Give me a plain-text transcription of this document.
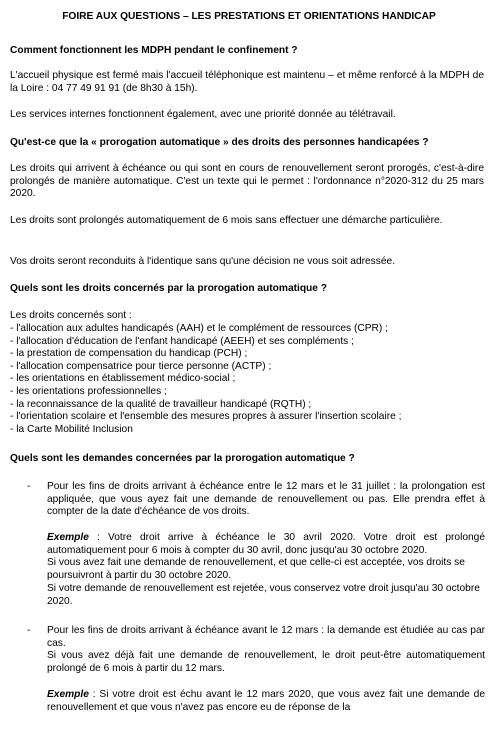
FOIRE AUX QUESTIONS – LES PRESTATIONS ET ORIENTATIONS HANDICAP

Comment fonctionnent les MDPH pendant le confinement ?

L'accueil physique est fermé mais l'accueil téléphonique est maintenu – et même renforcé à la MDPH de la Loire : 04 77 49 91 91 (de 8h30 à 15h).

Les services internes fonctionnent également, avec une priorité donnée au télétravail.

Qu'est-ce que la « prorogation automatique » des droits des personnes handicapées ?

Les droits qui arrivent à échéance ou qui sont en cours de renouvellement seront prorogés, c'est-à-dire prolongés de manière automatique. C'est un texte qui le permet : l'ordonnance n°2020-312 du 25 mars 2020.

Les droits sont prolongés automatiquement de 6 mois sans effectuer une démarche particulière.

Vos droits seront reconduits à l'identique sans qu'une décision ne vous soit adressée.

Quels sont les droits concernés par la prorogation automatique ?

Les droits concernés sont :

- l'allocation aux adultes handicapés (AAH) et le complément de ressources (CPR) ;
- l'allocation d'éducation de l'enfant handicapé (AEEH) et ses compléments ;
- la prestation de compensation du handicap (PCH) ;
- l'allocation compensatrice pour tierce personne (ACTP) ;
- les orientations en établissement médico-social ;
- les orientations professionnelles ;
- la reconnaissance de la qualité de travailleur handicapé (RQTH) ;
- l'orientation scolaire et l'ensemble des mesures propres à assurer l'insertion scolaire ;
- la Carte Mobilité Inclusion

Quels sont les demandes concernées par la prorogation automatique ?

- Pour les fins de droits arrivant à échéance entre le 12 mars et le 31 juillet : la prolongation est appliquée, que vous ayez fait une demande de renouvellement ou pas. Elle prendra effet à compter de la date d'échéance de vos droits.

Exemple : Votre droit arrive à échéance le 30 avril 2020. Votre droit est prolongé automatiquement pour 6 mois à compter du 30 avril, donc jusqu'au 30 octobre 2020.

Si vous avez fait une demande de renouvellement, et que celle-ci est acceptée, vos droits se poursuivront à partir du 30 octobre 2020.

Si votre demande de renouvellement est rejetée, vous conservez votre droit jusqu'au 30 octobre 2020.

- Pour les fins de droits arrivant à échéance avant le 12 mars : la demande est étudiée au cas par cas.

Si vous avez déjà fait une demande de renouvellement, le droit peut-être automatiquement prolongé de 6 mois à partir du 12 mars.

Exemple : Si votre droit est échu avant le 12 mars 2020, que vous avez fait une demande de renouvellement et que vous n'avez pas encore eu de réponse de la
